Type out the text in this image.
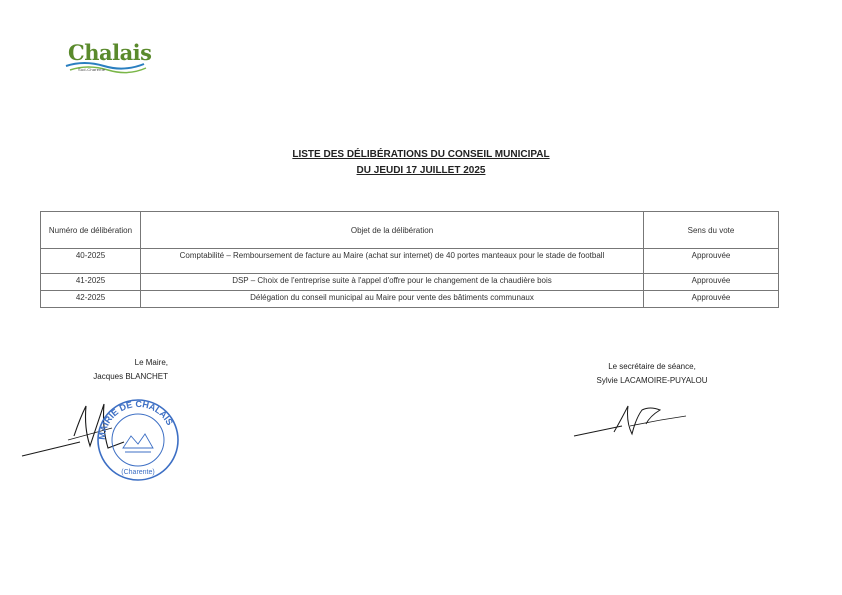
Chalais
Sud-Charente
LISTE DES DÉLIBÉRATIONS DU CONSEIL MUNICIPAL
DU JEUDI 17 JUILLET 2025
Numéro de délibération	Objet de la délibération	Sens du vote
40-2025	Comptabilité – Remboursement de facture au Maire (achat sur internet) de 40 portes manteaux pour le stade de football	Approuvée
41-2025	DSP – Choix de l'entreprise suite à l'appel d'offre pour le changement de la chaudière bois	Approuvée
42-2025	Délégation du conseil municipal au Maire pour vente des bâtiments communaux	Approuvée
Le Maire,
Jacques BLANCHET
Le secrétaire de séance,
Sylvie LACAMOIRE-PUYALOU
MAIRIE DE CHALAIS
(Charente)
